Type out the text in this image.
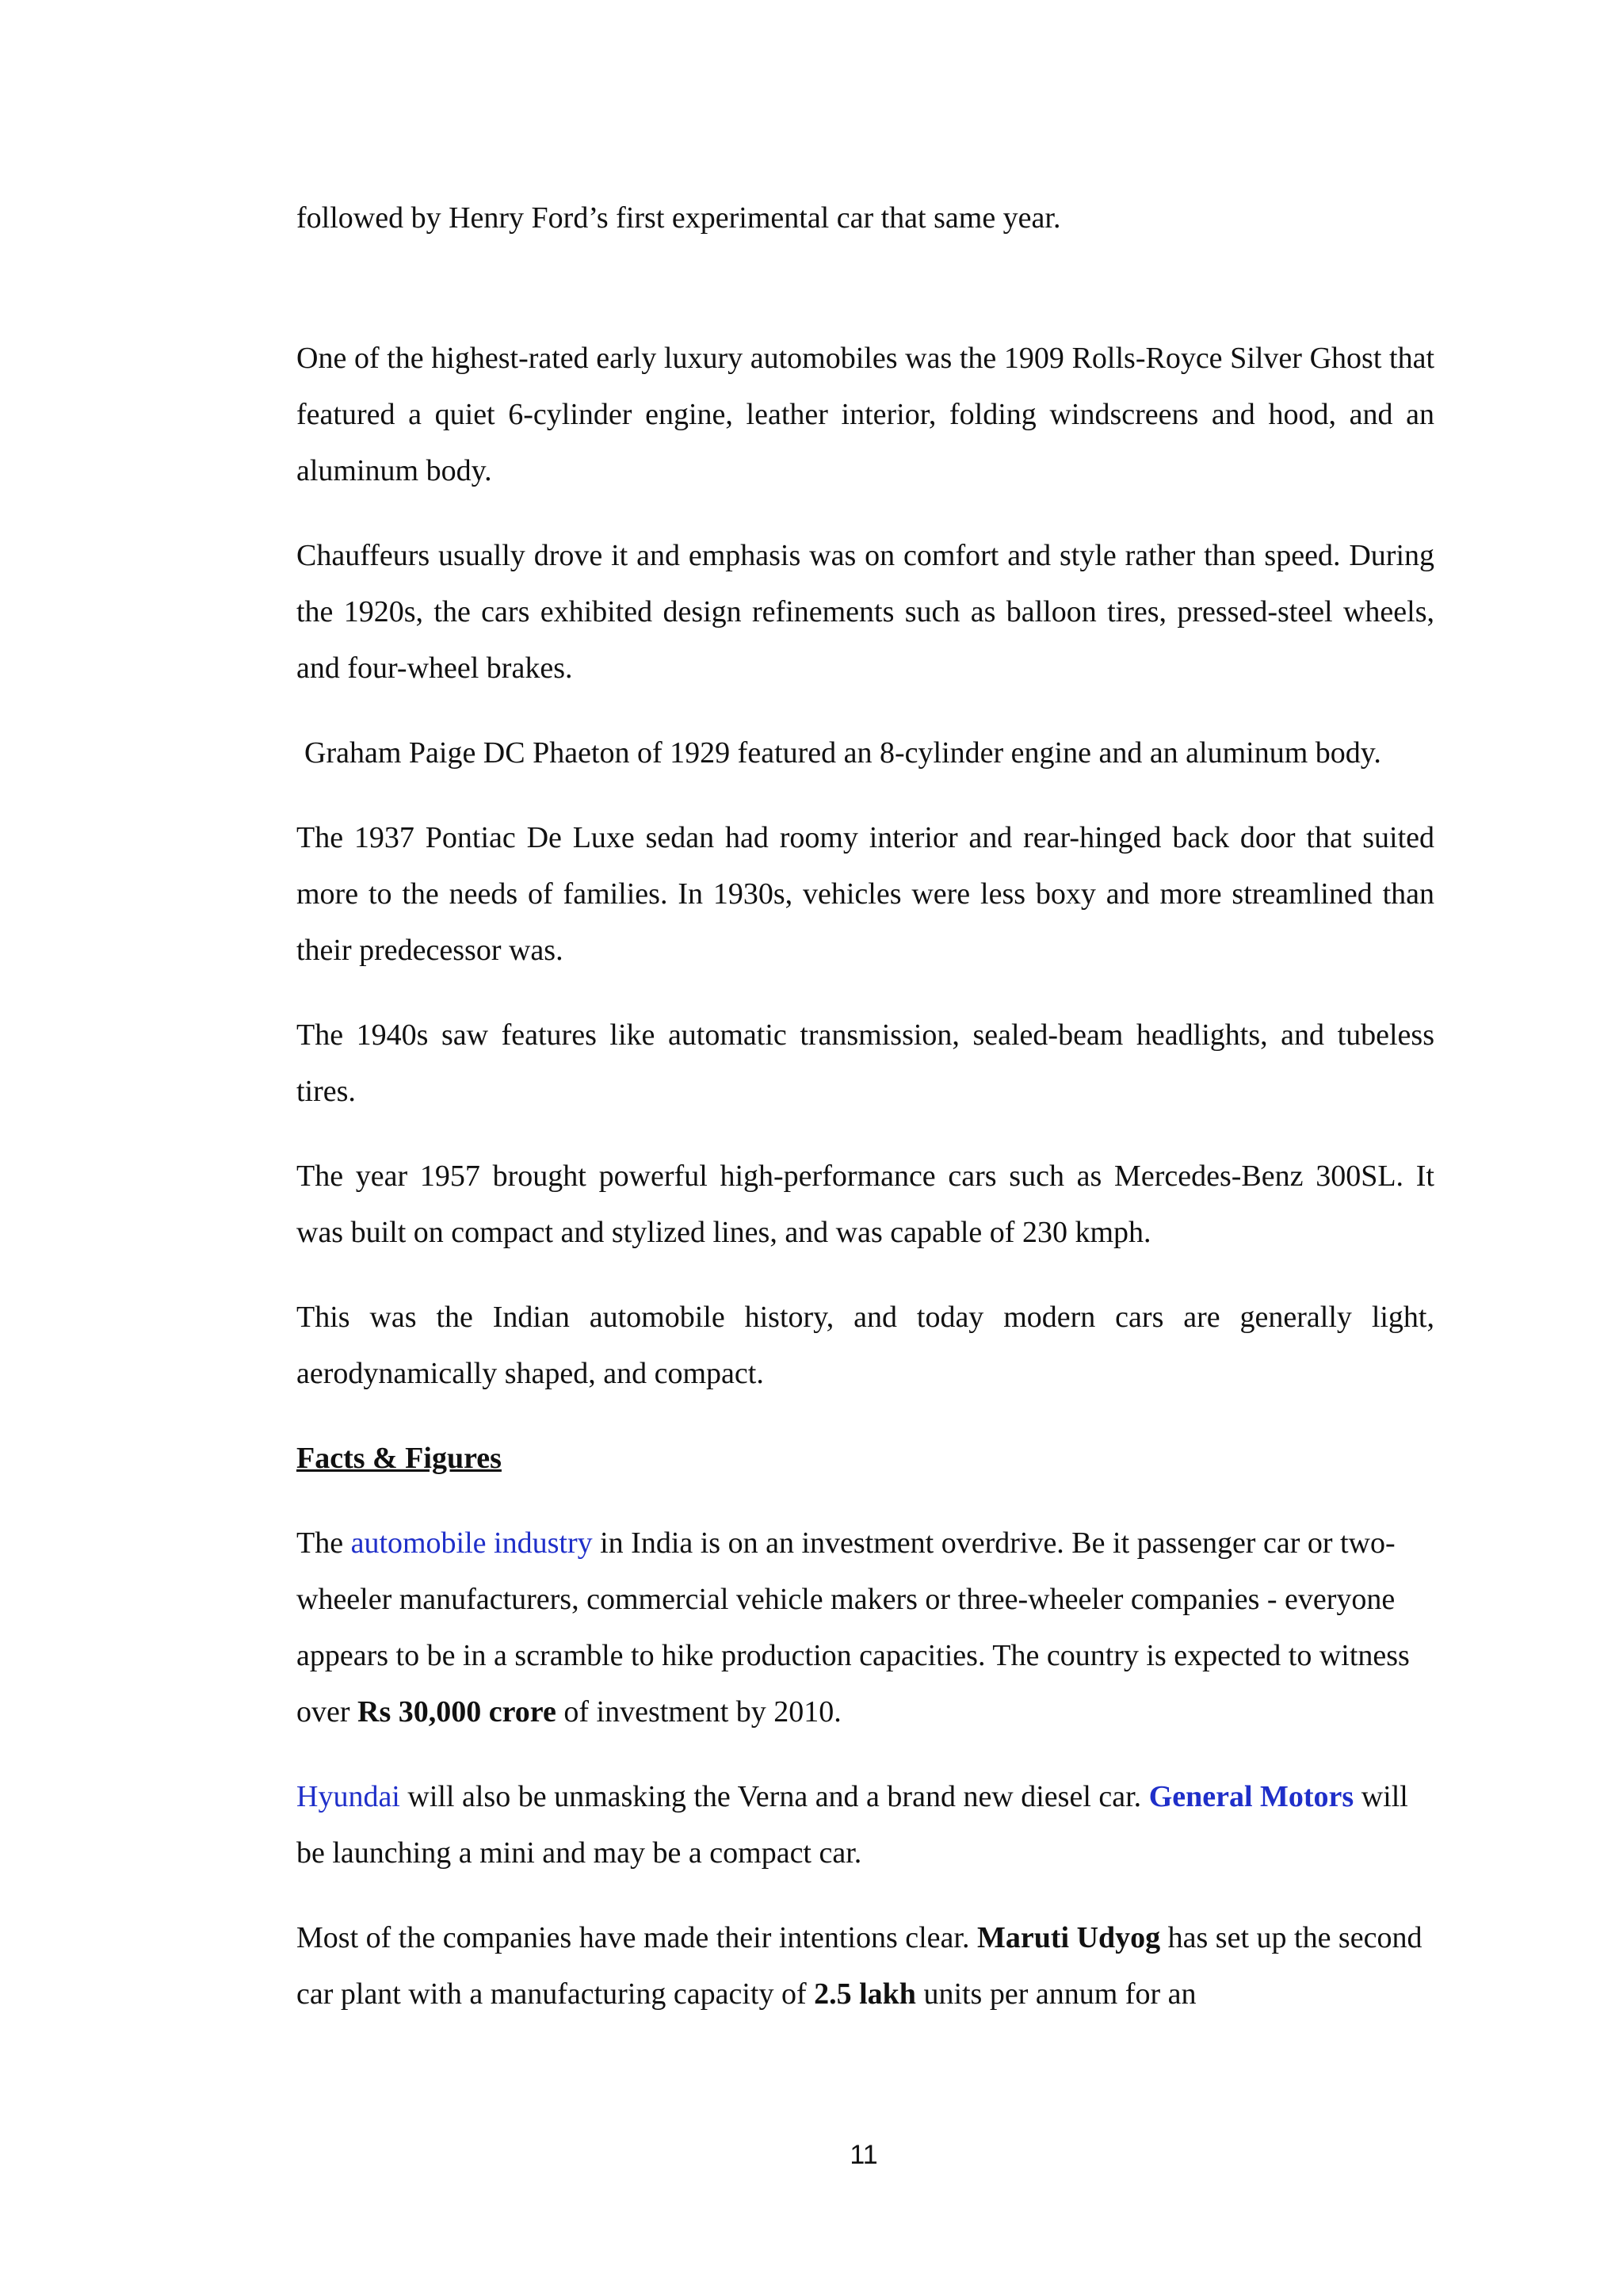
followed by Henry Ford’s first experimental car that same year.

One of the highest-rated early luxury automobiles was the 1909 Rolls-Royce Silver Ghost that featured a quiet 6-cylinder engine, leather interior, folding windscreens and hood, and an aluminum body.

Chauffeurs usually drove it and emphasis was on comfort and style rather than speed. During the 1920s, the cars exhibited design refinements such as balloon tires, pressed-steel wheels, and four-wheel brakes.

Graham Paige DC Phaeton of 1929 featured an 8-cylinder engine and an aluminum body.

The 1937 Pontiac De Luxe sedan had roomy interior and rear-hinged back door that suited more to the needs of families. In 1930s, vehicles were less boxy and more streamlined than their predecessor was.

The 1940s saw features like automatic transmission, sealed-beam headlights, and tubeless tires.

The year 1957 brought powerful high-performance cars such as Mercedes-Benz 300SL. It was built on compact and stylized lines, and was capable of 230 kmph.

This was the Indian automobile history, and today modern cars are generally light, aerodynamically shaped, and compact.

Facts & Figures

The automobile industry in India is on an investment overdrive. Be it passenger car or two-wheeler manufacturers, commercial vehicle makers or three-wheeler companies - everyone appears to be in a scramble to hike production capacities. The country is expected to witness over Rs 30,000 crore of investment by 2010.

Hyundai will also be unmasking the Verna and a brand new diesel car. General Motors will be launching a mini and may be a compact car.

Most of the companies have made their intentions clear. Maruti Udyog has set up the second car plant with a manufacturing capacity of 2.5 lakh units per annum for an

11
